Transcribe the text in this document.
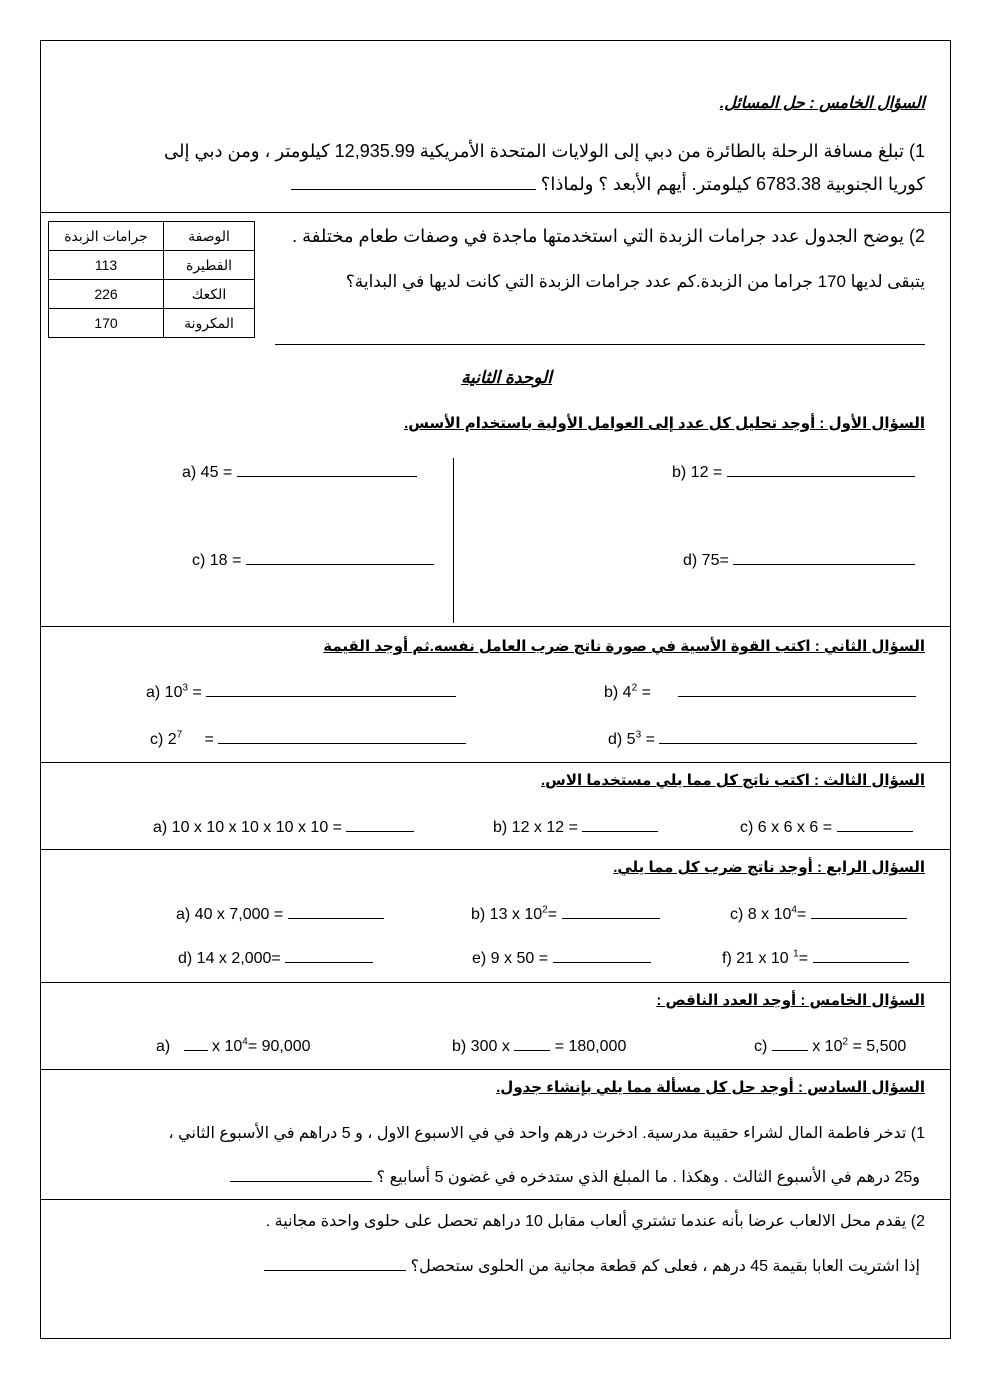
السؤال الخامس : حل المسائل.
1) تبلغ مسافة الرحلة بالطائرة من دبي إلى الولايات المتحدة الأمريكية 12,935.99 كيلومتر ، ومن دبي إلى
كوريا الجنوبية 6783.38 كيلومتر. أيهم الأبعد ؟ ولماذا؟
2) يوضح الجدول عدد جرامات الزبدة التي استخدمتها ماجدة في وصفات طعام مختلفة .
يتبقى لديها 170 جراما من الزبدة.كم عدد جرامات الزبدة التي كانت لديها في البداية؟
الوصفة	جرامات الزبدة
الفطيرة	113
الكعك	226
المكرونة	170
الوحدة الثانية
السؤال الأول : أوجد تحليل كل عدد إلى العوامل الأولية باستخدام الأسس.
a) 45 =	b) 12 =
c) 18 =	d) 75=
السؤال الثاني : اكتب القوة الأسية في صورة ناتج ضرب العامل نفسه.ثم أوجد القيمة
a) $10^3$ =	b) $4^2$ =
c) $2^7$     =	d) $5^3$ =
السؤال الثالث : اكتب ناتج كل مما يلي مستخدما الاس.
a) 10 x 10 x 10 x 10 x 10 =	b) 12 x 12 =	c) 6 x 6 x 6 =
السؤال الرابع : أوجد ناتج ضرب كل مما يلي.
a) 40 x 7,000 =	b) 13 x $10^2=$	c) 8 x $10^4=$
d) 14 x 2,000=	e) 9 x 50 =	f) 21 x 10 $^1$=
السؤال الخامس : أوجد العدد الناقص :
a)	x $10^4= 90,000$	b) 300 x	= 180,000	c)	x $10^2 = 5,500$
السؤال السادس : أوجد حل كل مسألة مما يلي بإنشاء جدول.
1) تدخر فاطمة المال لشراء حقيبة مدرسية. ادخرت درهم واحد في في الاسبوع الاول ، و 5 دراهم في الأسبوع الثاني ،
و25 درهم في الأسبوع الثالث . وهكذا . ما المبلغ الذي ستدخره في غضون 5 أسابيع ؟
2) يقدم محل الالعاب عرضا بأنه عندما تشتري ألعاب مقابل 10 دراهم تحصل على حلوى واحدة مجانية .
إذا اشتريت العابا بقيمة 45 درهم ، فعلى كم قطعة مجانية من الحلوى ستحصل؟
